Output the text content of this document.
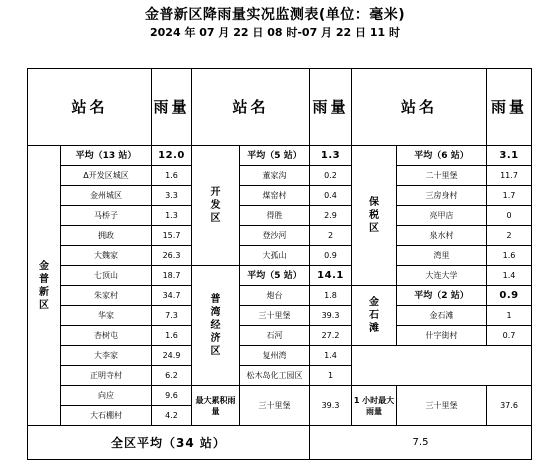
金普新区降雨量实况监测表(单位：毫米)
2024 年 07 月 22 日 08 时-07 月 22 日 11 时
站名		雨量	站名		雨量	站名		雨量
金普新区	平均（13 站）	12.0	开发区	平均（5 站）	1.3	保税区	平均（6 站）	3.1
	Δ开发区城区	1.6		董家沟	0.2		二十里堡	11.7
	金州城区	3.3		煤窑村	0.4		三房身村	1.7
	马桥子	1.3		得胜	2.9		亮甲店	0
	拥政	15.7		登沙河	2		泉水村	2
	大魏家	26.3		大孤山	0.9		湾里	1.6
	七顶山	18.7	普湾经济区	平均（5 站）	14.1		大连大学	1.4
	朱家村	34.7		炮台	1.8	金石滩	平均（2 站）	0.9
	华家	7.3		三十里堡	39.3		金石滩	1
	杏树屯	1.6		石河	27.2		什字街村	0.7
	大李家	24.9		复州湾	1.4			
	正明寺村	6.2		松木岛化工园区	1			
	向应	9.6	最大累积雨量	三十里堡	39.3	1 小时最大雨量	三十里堡	37.6
	大石棚村	4.2						
全区平均（34 站）					7.5			
